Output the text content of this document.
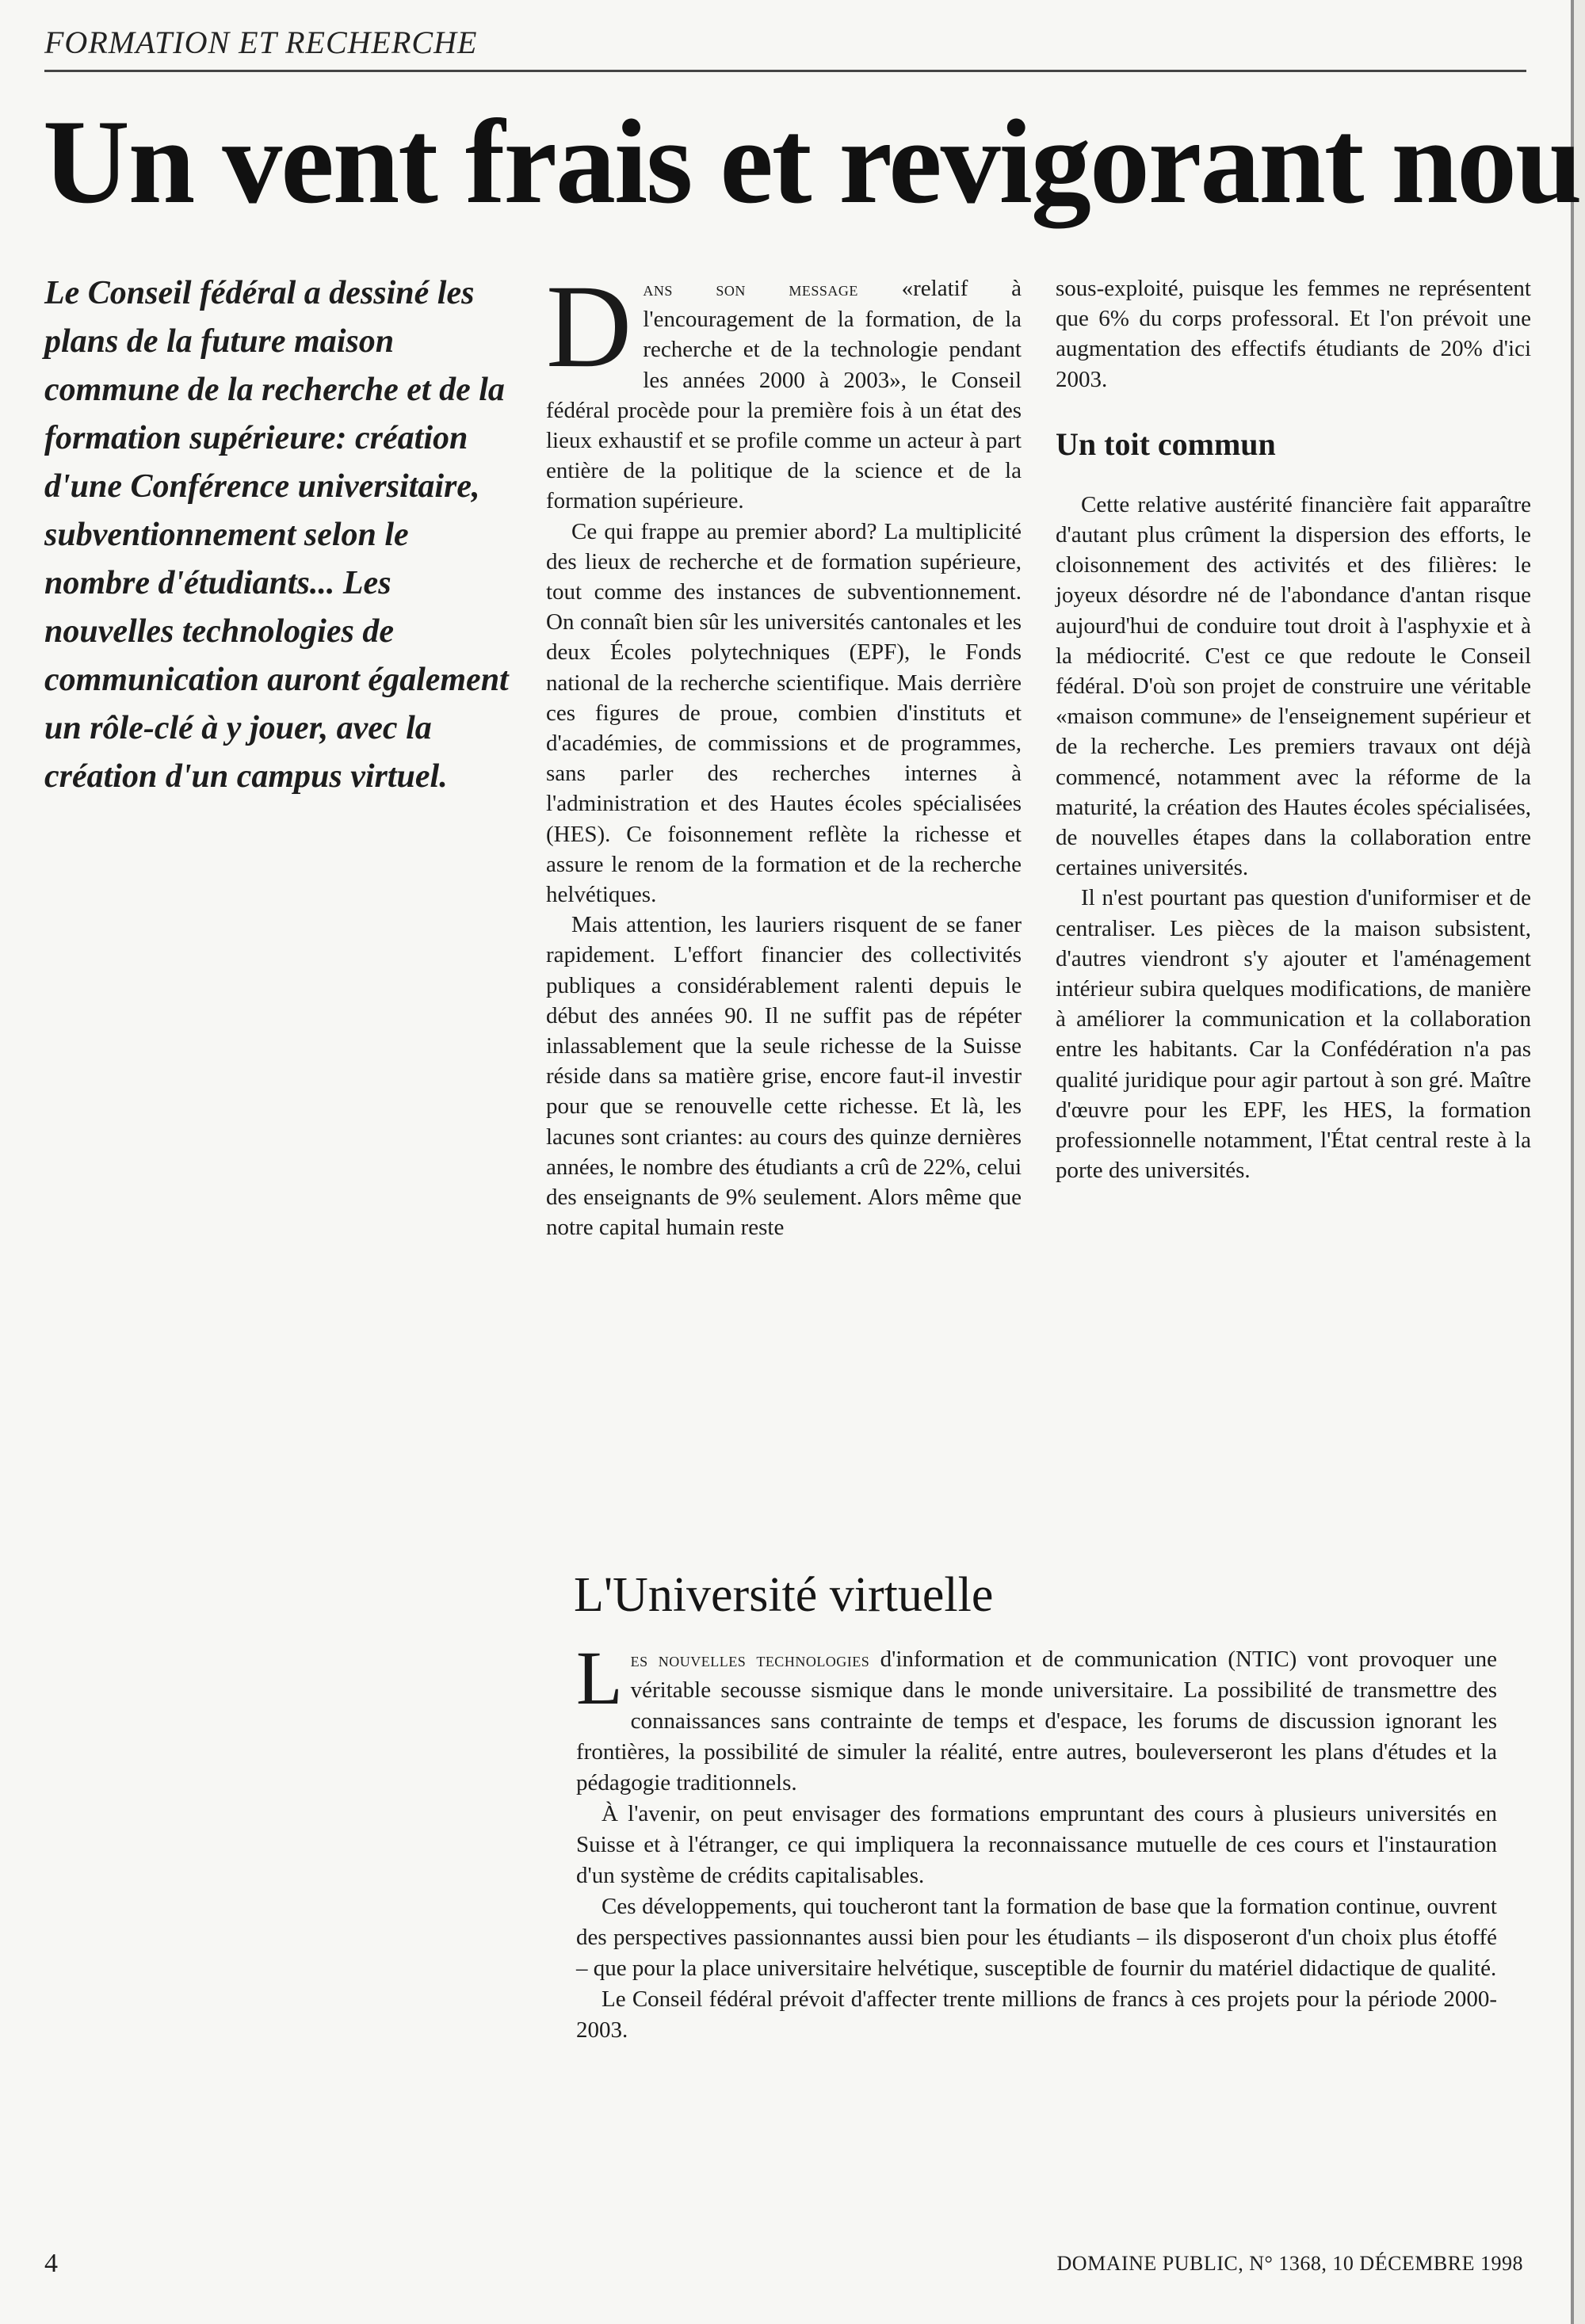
FORMATION ET RECHERCHE
Un vent frais et revigorant nou
Le Conseil fédéral a dessiné les plans de la future maison commune de la recherche et de la formation supérieure: création d'une Conférence universitaire, subventionnement selon le nombre d'étudiants... Les nouvelles technologies de communication auront également un rôle-clé à y jouer, avec la création d'un campus virtuel.

Dans son message «relatif à l'encouragement de la formation, de la recherche et de la technologie pendant les années 2000 à 2003», le Conseil fédéral procède pour la première fois à un état des lieux exhaustif et se profile comme un acteur à part entière de la politique de la science et de la formation supérieure.

Ce qui frappe au premier abord? La multiplicité des lieux de recherche et de formation supérieure, tout comme des instances de subventionnement. On connaît bien sûr les universités cantonales et les deux Écoles polytechniques (EPF), le Fonds national de la recherche scientifique. Mais derrière ces figures de proue, combien d'instituts et d'académies, de commissions et de programmes, sans parler des recherches internes à l'administration et des Hautes écoles spécialisées (HES). Ce foisonnement reflète la richesse et assure le renom de la formation et de la recherche helvétiques.

Mais attention, les lauriers risquent de se faner rapidement. L'effort financier des collectivités publiques a considérablement ralenti depuis le début des années 90. Il ne suffit pas de répéter inlassablement que la seule richesse de la Suisse réside dans sa matière grise, encore faut-il investir pour que se renouvelle cette richesse. Et là, les lacunes sont criantes: au cours des quinze dernières années, le nombre des étudiants a crû de 22%, celui des enseignants de 9% seulement. Alors même que notre capital humain reste

sous-exploité, puisque les femmes ne représentent que 6% du corps professoral. Et l'on prévoit une augmentation des effectifs étudiants de 20% d'ici 2003.

Un toit commun

Cette relative austérité financière fait apparaître d'autant plus crûment la dispersion des efforts, le cloisonnement des activités et des filières: le joyeux désordre né de l'abondance d'antan risque aujourd'hui de conduire tout droit à l'asphyxie et à la médiocrité. C'est ce que redoute le Conseil fédéral. D'où son projet de construire une véritable «maison commune» de l'enseignement supérieur et de la recherche. Les premiers travaux ont déjà commencé, notamment avec la réforme de la maturité, la création des Hautes écoles spécialisées, de nouvelles étapes dans la collaboration entre certaines universités.

Il n'est pourtant pas question d'uniformiser et de centraliser. Les pièces de la maison subsistent, d'autres viendront s'y ajouter et l'aménagement intérieur subira quelques modifications, de manière à améliorer la communication et la collaboration entre les habitants. Car la Confédération n'a pas qualité juridique pour agir partout à son gré. Maître d'œuvre pour les EPF, les HES, la formation professionnelle notamment, l'État central reste à la porte des universités.

L'Université virtuelle

Les nouvelles technologies d'information et de communication (NTIC) vont provoquer une véritable secousse sismique dans le monde universitaire. La possibilité de transmettre des connaissances sans contrainte de temps et d'espace, les forums de discussion ignorant les frontières, la possibilité de simuler la réalité, entre autres, bouleverseront les plans d'études et la pédagogie traditionnels.

À l'avenir, on peut envisager des formations empruntant des cours à plusieurs universités en Suisse et à l'étranger, ce qui impliquera la reconnaissance mutuelle de ces cours et l'instauration d'un système de crédits capitalisables.

Ces développements, qui toucheront tant la formation de base que la formation continue, ouvrent des perspectives passionnantes aussi bien pour les étudiants – ils disposeront d'un choix plus étoffé – que pour la place universitaire helvétique, susceptible de fournir du matériel didactique de qualité.

Le Conseil fédéral prévoit d'affecter trente millions de francs à ces projets pour la période 2000-2003.

4	DOMAINE PUBLIC, N° 1368, 10 DÉCEMBRE 1998
